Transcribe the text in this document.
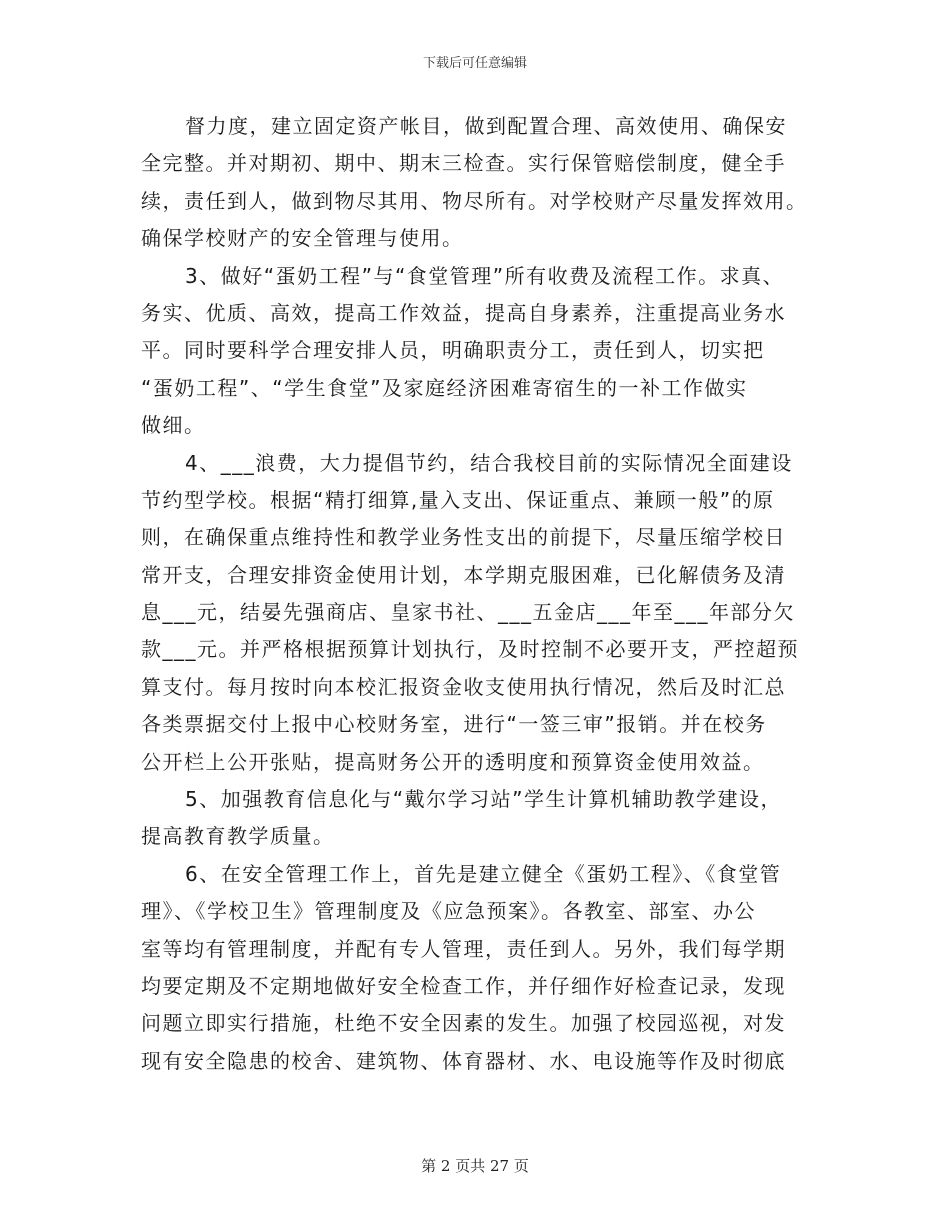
下载后可任意编辑
督力度，建立固定资产帐目，做到配置合理、高效使用、确保安
全完整。并对期初、期中、期末三检查。实行保管赔偿制度，健全手
续，责任到人，做到物尽其用、物尽所有。对学校财产尽量发挥效用。
确保学校财产的安全管理与使用。
3、做好“蛋奶工程”与“食堂管理”所有收费及流程工作。求真、
务实、优质、高效，提高工作效益，提高自身素养，注重提高业务水
平。同时要科学合理安排人员，明确职责分工，责任到人，切实把
“蛋奶工程”、“学生食堂”及家庭经济困难寄宿生的一补工作做实
做细。
4、___浪费，大力提倡节约，结合我校目前的实际情况全面建设
节约型学校。根据“精打细算,量入支出、保证重点、兼顾一般”的原
则，在确保重点维持性和教学业务性支出的前提下，尽量压缩学校日
常开支，合理安排资金使用计划，本学期克服困难，已化解债务及清
息___元，结晏先强商店、皇家书社、___五金店___年至___年部分欠
款___元。并严格根据预算计划执行，及时控制不必要开支，严控超预
算支付。每月按时向本校汇报资金收支使用执行情况，然后及时汇总
各类票据交付上报中心校财务室，进行“一签三审”报销。并在校务
公开栏上公开张贴，提高财务公开的透明度和预算资金使用效益。
5、加强教育信息化与“戴尔学习站”学生计算机辅助教学建设，
提高教育教学质量。
6、在安全管理工作上，首先是建立健全《蛋奶工程》、《食堂管
理》、《学校卫生》管理制度及《应急预案》。各教室、部室、办公
室等均有管理制度，并配有专人管理，责任到人。另外，我们每学期
均要定期及不定期地做好安全检查工作，并仔细作好检查记录，发现
问题立即实行措施，杜绝不安全因素的发生。加强了校园巡视，对发
现有安全隐患的校舍、建筑物、体育器材、水、电设施等作及时彻底
第 2 页共 27 页
